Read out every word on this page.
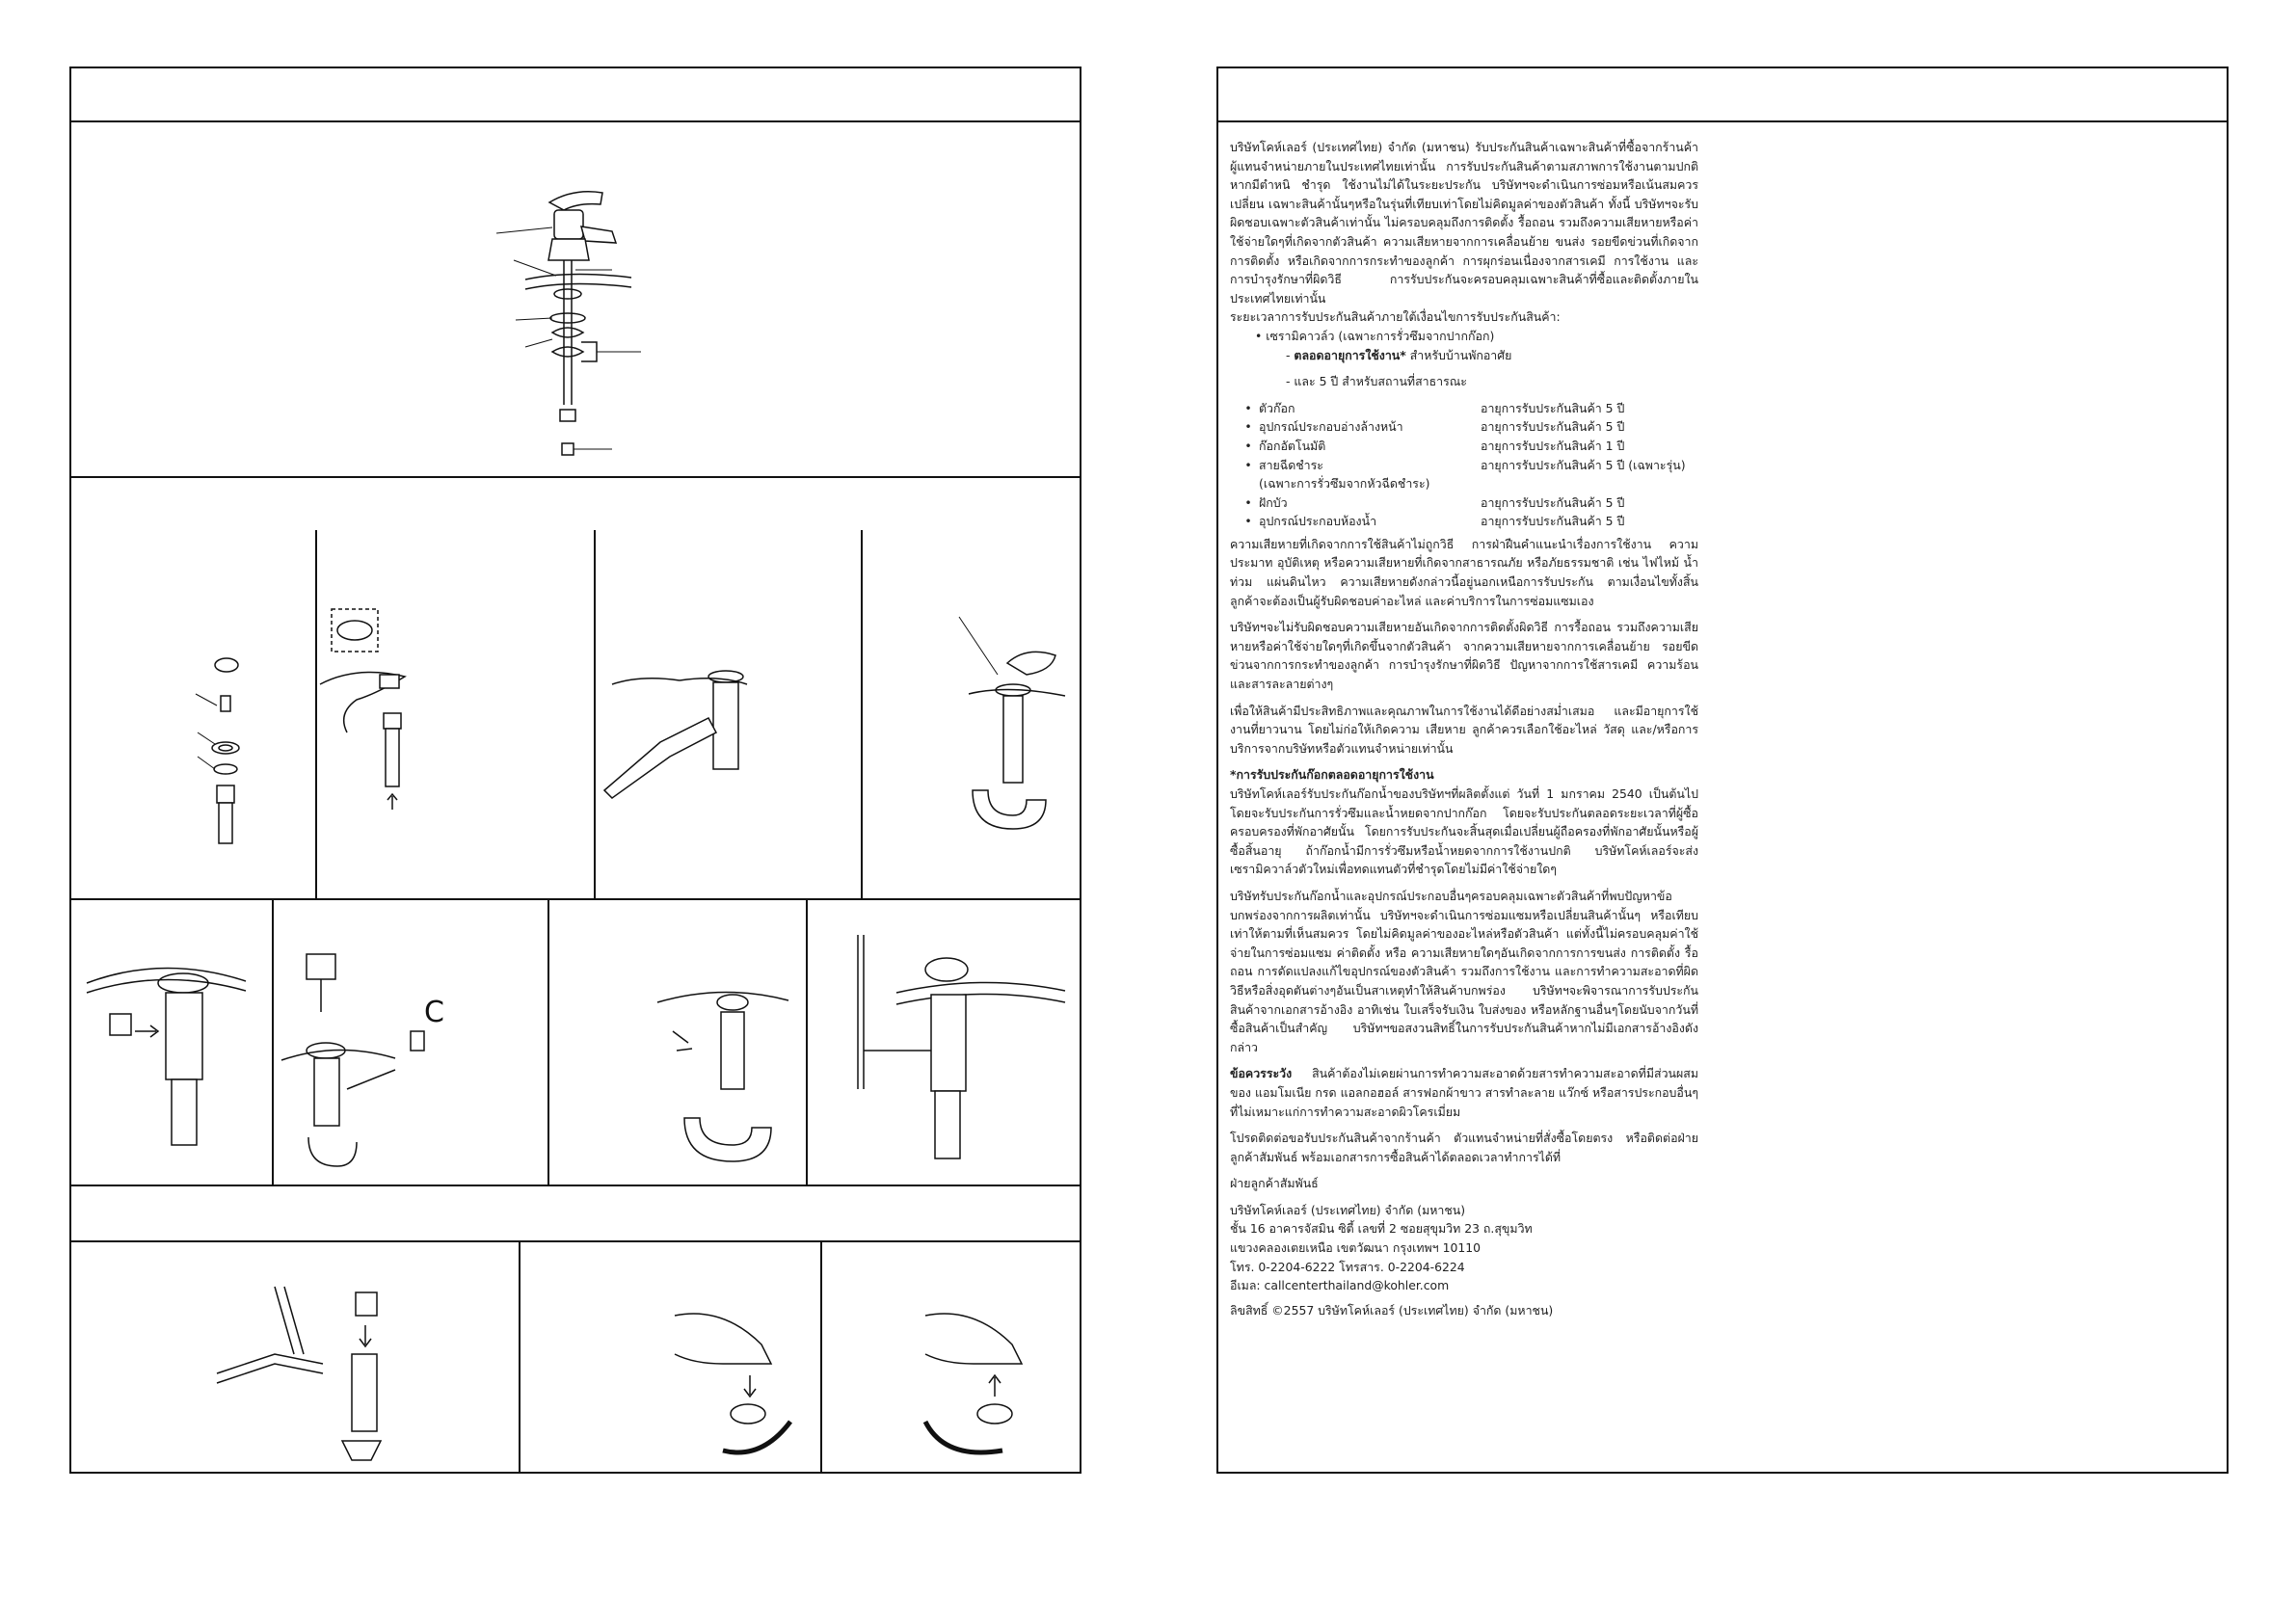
C

บริษัทโคห์เลอร์ (ประเทศไทย) จำกัด (มหาชน) รับประกันสินค้าเฉพาะสินค้าที่ซื้อจากร้านค้าผู้แทนจำหน่ายภายในประเทศไทยเท่านั้น การรับประกันสินค้าตามสภาพการใช้งานตามปกติ หากมีตำหนิ ชำรุด ใช้งานไม่ได้ในระยะประกัน บริษัทฯจะดำเนินการซ่อมหรือเน้นสมควรเปลี่ยน เฉพาะสินค้านั้นๆหรือในรุ่นที่เทียบเท่าโดยไม่คิดมูลค่าของตัวสินค้า ทั้งนี้ บริษัทฯจะรับผิดชอบเฉพาะตัวสินค้าเท่านั้น ไม่ครอบคลุมถึงการติดตั้ง รื้อถอน รวมถึงความเสียหายหรือค่าใช้จ่ายใดๆที่เกิดจากตัวสินค้า ความเสียหายจากการเคลื่อนย้าย ขนส่ง รอยขีดข่วนที่เกิดจากการติดตั้ง หรือเกิดจากการกระทำของลูกค้า การผุกร่อนเนื่องจากสารเคมี การใช้งาน และการบำรุงรักษาที่ผิดวิธี การรับประกันจะครอบคลุมเฉพาะสินค้าที่ซื้อและติดตั้งภายในประเทศไทยเท่านั้น

ระยะเวลาการรับประกันสินค้าภายใต้เงื่อนไขการรับประกันสินค้า:

• เซรามิคาวล์ว (เฉพาะการรั่วซึมจากปากก๊อก)

- ตลอดอายุการใช้งาน* สำหรับบ้านพักอาศัย

- และ 5 ปี สำหรับสถานที่สาธารณะ

• ตัวก๊อก	อายุการรับประกันสินค้า 5 ปี
• อุปกรณ์ประกอบอ่างล้างหน้า	อายุการรับประกันสินค้า 5 ปี
• ก๊อกอัตโนมัติ	อายุการรับประกันสินค้า 1 ปี
• สายฉีดชำระ	อายุการรับประกันสินค้า 5 ปี (เฉพาะรุ่น)

(เฉพาะการรั่วซึมจากหัวฉีดชำระ)

• ฝักบัว	อายุการรับประกันสินค้า 5 ปี
• อุปกรณ์ประกอบห้องน้ำ	อายุการรับประกันสินค้า 5 ปี

ความเสียหายที่เกิดจากการใช้สินค้าไม่ถูกวิธี การฝ่าฝืนคำแนะนำเรื่องการใช้งาน ความประมาท อุบัติเหตุ หรือความเสียหายที่เกิดจากสาธารณภัย หรือภัยธรรมชาติ เช่น ไฟไหม้ น้ำท่วม แผ่นดินไหว ความเสียหายดังกล่าวนี้อยู่นอกเหนือการรับประกัน ตามเงื่อนไขทั้งสิ้น ลูกค้าจะต้องเป็นผู้รับผิดชอบค่าอะไหล่ และค่าบริการในการซ่อมแซมเอง

บริษัทฯจะไม่รับผิดชอบความเสียหายอันเกิดจากการติดตั้งผิดวิธี การรื้อถอน รวมถึงความเสียหายหรือค่าใช้จ่ายใดๆที่เกิดขึ้นจากตัวสินค้า จากความเสียหายจากการเคลื่อนย้าย รอยขีดข่วนจากการกระทำของลูกค้า การบำรุงรักษาที่ผิดวิธี ปัญหาจากการใช้สารเคมี ความร้อนและสารละลายต่างๆ

เพื่อให้สินค้ามีประสิทธิภาพและคุณภาพในการใช้งานได้ดีอย่างสม่ำเสมอ และมีอายุการใช้งานที่ยาวนาน โดยไม่ก่อให้เกิดความ เสียหาย ลูกค้าควรเลือกใช้อะไหล่ วัสดุ และ/หรือการบริการจากบริษัทหรือตัวแทนจำหน่ายเท่านั้น

*การรับประกันก๊อกตลอดอายุการใช้งาน

บริษัทโคห์เลอร์รับประกันก๊อกน้ำของบริษัทฯที่ผลิตตั้งแต่ วันที่ 1 มกราคม 2540 เป็นต้นไป โดยจะรับประกันการรั่วซึมและน้ำหยดจากปากก๊อก โดยจะรับประกันตลอดระยะเวลาที่ผู้ซื้อครอบครองที่พักอาศัยนั้น โดยการรับประกันจะสิ้นสุดเมื่อเปลี่ยนผู้ถือครองที่พักอาศัยนั้นหรือผู้ซื้อสิ้นอายุ ถ้าก๊อกน้ำมีการรั่วซึมหรือน้ำหยดจากการใช้งานปกติ บริษัทโคห์เลอร์จะส่งเซรามิควาล์วตัวใหม่เพื่อทดแทนตัวที่ชำรุดโดยไม่มีค่าใช้จ่ายใดๆ

บริษัทรับประกันก๊อกน้ำและอุปกรณ์ประกอบอื่นๆครอบคลุมเฉพาะตัวสินค้าที่พบปัญหาข้อบกพร่องจากการผลิตเท่านั้น บริษัทฯจะดำเนินการซ่อมแซมหรือเปลี่ยนสินค้านั้นๆ หรือเทียบเท่าให้ตามที่เห็นสมควร โดยไม่คิดมูลค่าของอะไหล่หรือตัวสินค้า แต่ทั้งนี้ไม่ครอบคลุมค่าใช้จ่ายในการซ่อมแซม ค่าติดตั้ง หรือ ความเสียหายใดๆอันเกิดจากการการขนส่ง การติดตั้ง รื้อถอน การดัดแปลงแก้ไขอุปกรณ์ของตัวสินค้า รวมถึงการใช้งาน และการทำความสะอาดที่ผิดวิธีหรือสิ่งอุดตันต่างๆอันเป็นสาเหตุทำให้สินค้าบกพร่อง บริษัทฯจะพิจารณาการรับประกันสินค้าจากเอกสารอ้างอิง อาทิเช่น ใบเสร็จรับเงิน ใบส่งของ หรือหลักฐานอื่นๆโดยนับจากวันที่ซื้อสินค้าเป็นสำคัญ บริษัทฯขอสงวนสิทธิ์ในการรับประกันสินค้าหากไม่มีเอกสารอ้างอิงดังกล่าว

ข้อควรระวัง สินค้าต้องไม่เคยผ่านการทำความสะอาดด้วยสารทำความสะอาดที่มีส่วนผสมของ แอมโมเนีย กรด แอลกอฮอล์ สารฟอกผ้าขาว สารทำละลาย แว๊กซ์ หรือสารประกอบอื่นๆ ที่ไม่เหมาะแก่การทำความสะอาดผิวโครเมี่ยม

โปรดติดต่อขอรับประกันสินค้าจากร้านค้า ตัวแทนจำหน่ายที่สั่งซื้อโดยตรง หรือติดต่อฝ่ายลูกค้าสัมพันธ์ พร้อมเอกสารการซื้อสินค้าได้ตลอดเวลาทำการได้ที่

ฝ่ายลูกค้าสัมพันธ์

บริษัทโคห์เลอร์ (ประเทศไทย) จำกัด (มหาชน)

ชั้น 16 อาคารจัสมิน ซิตี้ เลขที่ 2 ซอยสุขุมวิท 23 ถ.สุขุมวิท

แขวงคลองเตยเหนือ เขตวัฒนา กรุงเทพฯ 10110

โทร. 0-2204-6222 โทรสาร. 0-2204-6224

อีเมล: callcenterthailand@kohler.com

ลิขสิทธิ์ ©2557 บริษัทโคห์เลอร์ (ประเทศไทย) จำกัด (มหาชน)
